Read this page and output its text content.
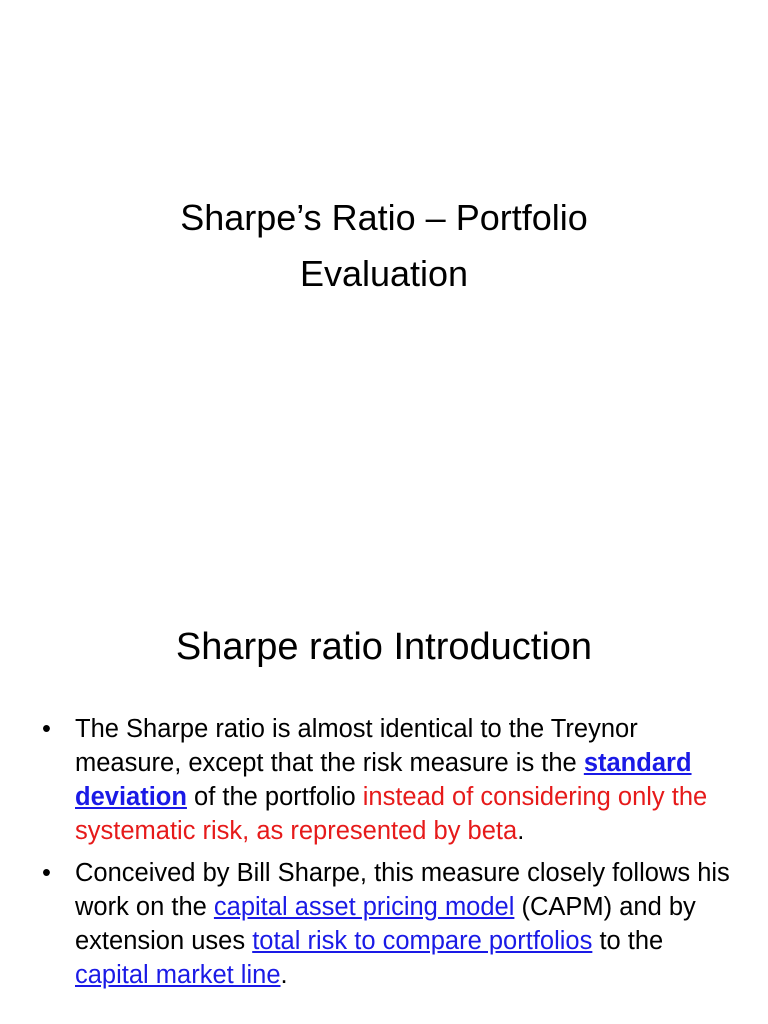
Sharpe’s Ratio – Portfolio
Evaluation
Sharpe ratio Introduction
• The Sharpe ratio is almost identical to the Treynor measure, except that the risk measure is the standard deviation of the portfolio instead of considering only the systematic risk, as represented by beta.
• Conceived by Bill Sharpe, this measure closely follows his work on the capital asset pricing model (CAPM) and by extension uses total risk to compare portfolios to the capital market line.
